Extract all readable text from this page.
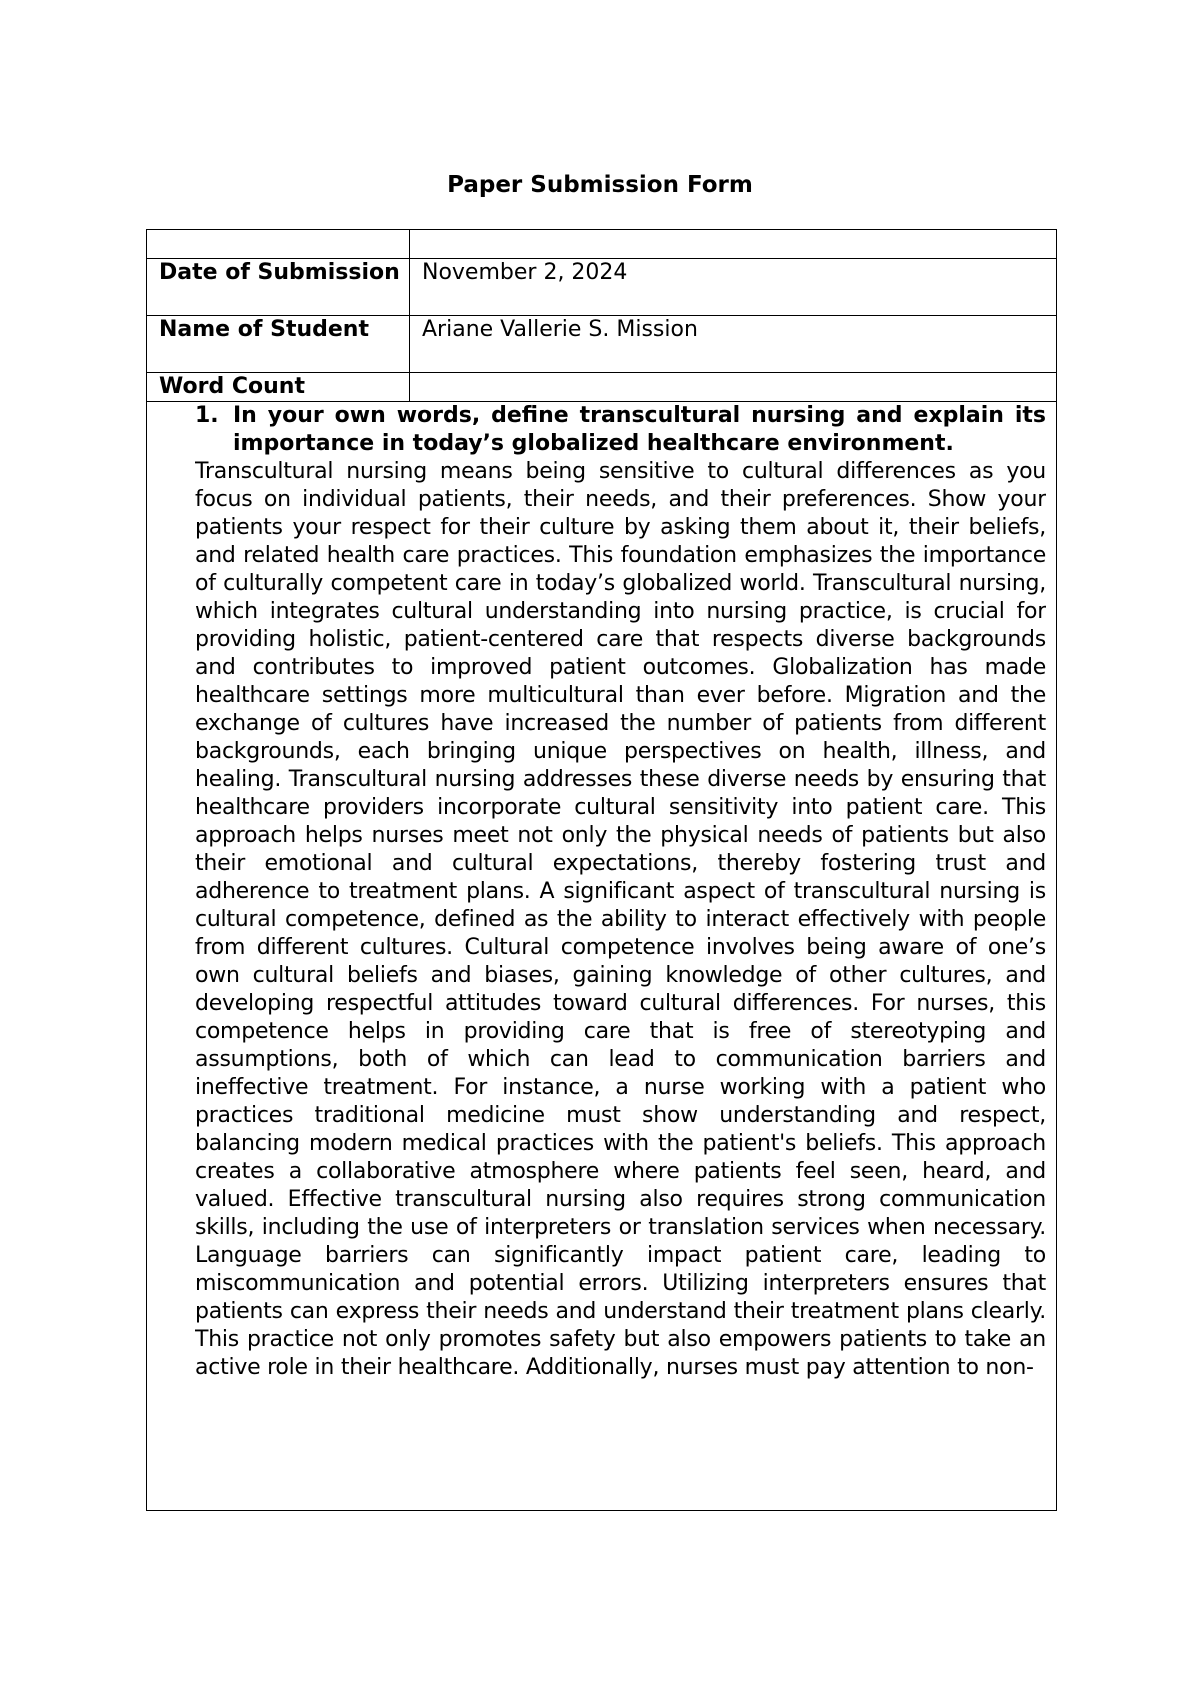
Paper Submission Form

Date of Submission	November 2, 2024
Name of Student	Ariane Vallerie S. Mission
Word Count	

1. In your own words, define transcultural nursing and explain its importance in today’s globalized healthcare environment.
Transcultural nursing means being sensitive to cultural differences as you focus on individual patients, their needs, and their preferences. Show your patients your respect for their culture by asking them about it, their beliefs, and related health care practices. This foundation emphasizes the importance of culturally competent care in today’s globalized world. Transcultural nursing, which integrates cultural understanding into nursing practice, is crucial for providing holistic, patient-centered care that respects diverse backgrounds and contributes to improved patient outcomes. Globalization has made healthcare settings more multicultural than ever before. Migration and the exchange of cultures have increased the number of patients from different backgrounds, each bringing unique perspectives on health, illness, and healing. Transcultural nursing addresses these diverse needs by ensuring that healthcare providers incorporate cultural sensitivity into patient care. This approach helps nurses meet not only the physical needs of patients but also their emotional and cultural expectations, thereby fostering trust and adherence to treatment plans. A significant aspect of transcultural nursing is cultural competence, defined as the ability to interact effectively with people from different cultures. Cultural competence involves being aware of one’s own cultural beliefs and biases, gaining knowledge of other cultures, and developing respectful attitudes toward cultural differences. For nurses, this competence helps in providing care that is free of stereotyping and assumptions, both of which can lead to communication barriers and ineffective treatment. For instance, a nurse working with a patient who practices traditional medicine must show understanding and respect, balancing modern medical practices with the patient's beliefs. This approach creates a collaborative atmosphere where patients feel seen, heard, and valued. Effective transcultural nursing also requires strong communication skills, including the use of interpreters or translation services when necessary. Language barriers can significantly impact patient care, leading to miscommunication and potential errors. Utilizing interpreters ensures that patients can express their needs and understand their treatment plans clearly. This practice not only promotes safety but also empowers patients to take an active role in their healthcare. Additionally, nurses must pay attention to non-	
